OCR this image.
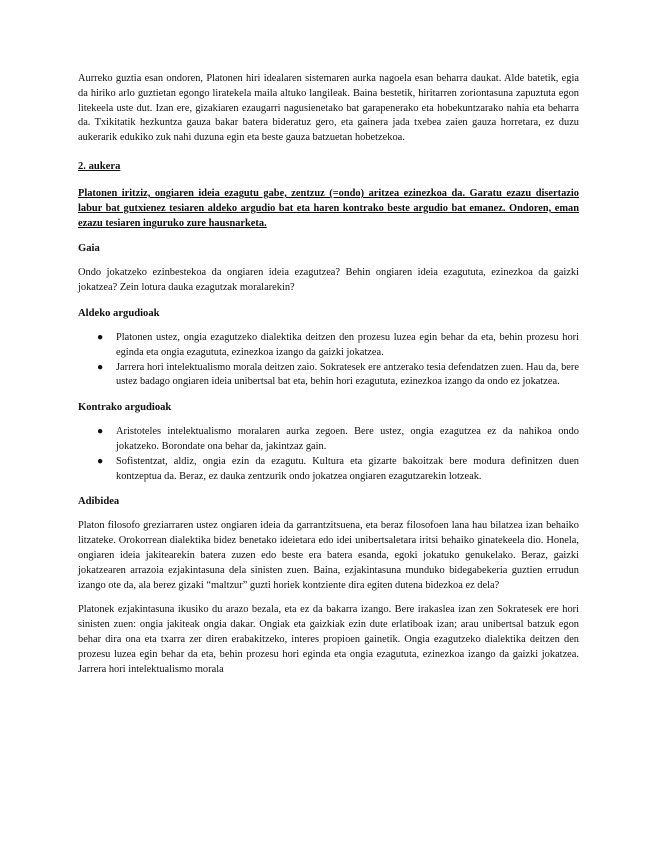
Aurreko guztia esan ondoren, Platonen hiri idealaren sistemaren aurka nagoela esan beharra daukat. Alde batetik, egia da hiriko arlo guztietan egongo liratekela maila altuko langileak. Baina bestetik, hiritarren zoriontasuna zapuztuta egon litekeela uste dut. Izan ere, gizakiaren ezaugarri nagusienetako bat garapenerako eta hobekuntzarako nahia eta beharra da. Txikitatik hezkuntza gauza bakar batera bideratuz gero, eta gainera jada txebea zaien gauza horretara, ez duzu aukerarik edukiko zuk nahi duzuna egin eta beste gauza batzuetan hobetzekoa.

2. aukera

Platonen iritziz, ongiaren ideia ezagutu gabe, zentzuz (=ondo) aritzea ezinezkoa da. Garatu ezazu disertazio labur bat gutxienez tesiaren aldeko argudio bat eta haren kontrako beste argudio bat emanez. Ondoren, eman ezazu tesiaren inguruko zure hausnarketa.

Gaia

Ondo jokatzeko ezinbestekoa da ongiaren ideia ezagutzea? Behin ongiaren ideia ezagututa, ezinezkoa da gaizki jokatzea? Zein lotura dauka ezagutzak moralarekin?

Aldeko argudioak

● Platonen ustez, ongia ezagutzeko dialektika deitzen den prozesu luzea egin behar da eta, behin prozesu hori eginda eta ongia ezagututa, ezinezkoa izango da gaizki jokatzea.
● Jarrera hori intelektualismo morala deitzen zaio. Sokratesek ere antzerako tesia defendatzen zuen. Hau da, bere ustez badago ongiaren ideia unibertsal bat eta, behin hori ezagututa, ezinezkoa izango da ondo ez jokatzea.

Kontrako argudioak

● Aristoteles intelektualismo moralaren aurka zegoen. Bere ustez, ongia ezagutzea ez da nahikoa ondo jokatzeko. Borondate ona behar da, jakintzaz gain.
● Sofistentzat, aldiz, ongia ezin da ezagutu. Kultura eta gizarte bakoitzak bere modura definitzen duen kontzeptua da. Beraz, ez dauka zentzurik ondo jokatzea ongiaren ezagutzarekin lotzeak.

Adibidea

Platon filosofo greziarraren ustez ongiaren ideia da garrantzitsuena, eta beraz filosofoen lana hau bilatzea izan behaiko litzateke. Orokorrean dialektika bidez benetako ideietara edo idei unibertsaletara iritsi behaiko ginatekeela dio. Honela, ongiaren ideia jakitearekin batera zuzen edo beste era batera esanda, egoki jokatuko genukelako. Beraz, gaizki jokatzearen arrazoia ezjakintasuna dela sinisten zuen. Baina, ezjakintasuna munduko bidegabekeria guztien errudun izango ote da, ala berez gizaki “maltzur” guzti horiek kontziente dira egiten dutena bidezkoa ez dela?

Platonek ezjakintasuna ikusiko du arazo bezala, eta ez da bakarra izango. Bere irakaslea izan zen Sokratesek ere hori sinisten zuen: ongia jakiteak ongia dakar. Ongiak eta gaizkiak ezin dute erlatiboak izan; arau unibertsal batzuk egon behar dira ona eta txarra zer diren erabakitzeko, interes propioen gainetik. Ongia ezagutzeko dialektika deitzen den prozesu luzea egin behar da eta, behin prozesu hori eginda eta ongia ezagututa, ezinezkoa izango da gaizki jokatzea. Jarrera hori intelektualismo morala
